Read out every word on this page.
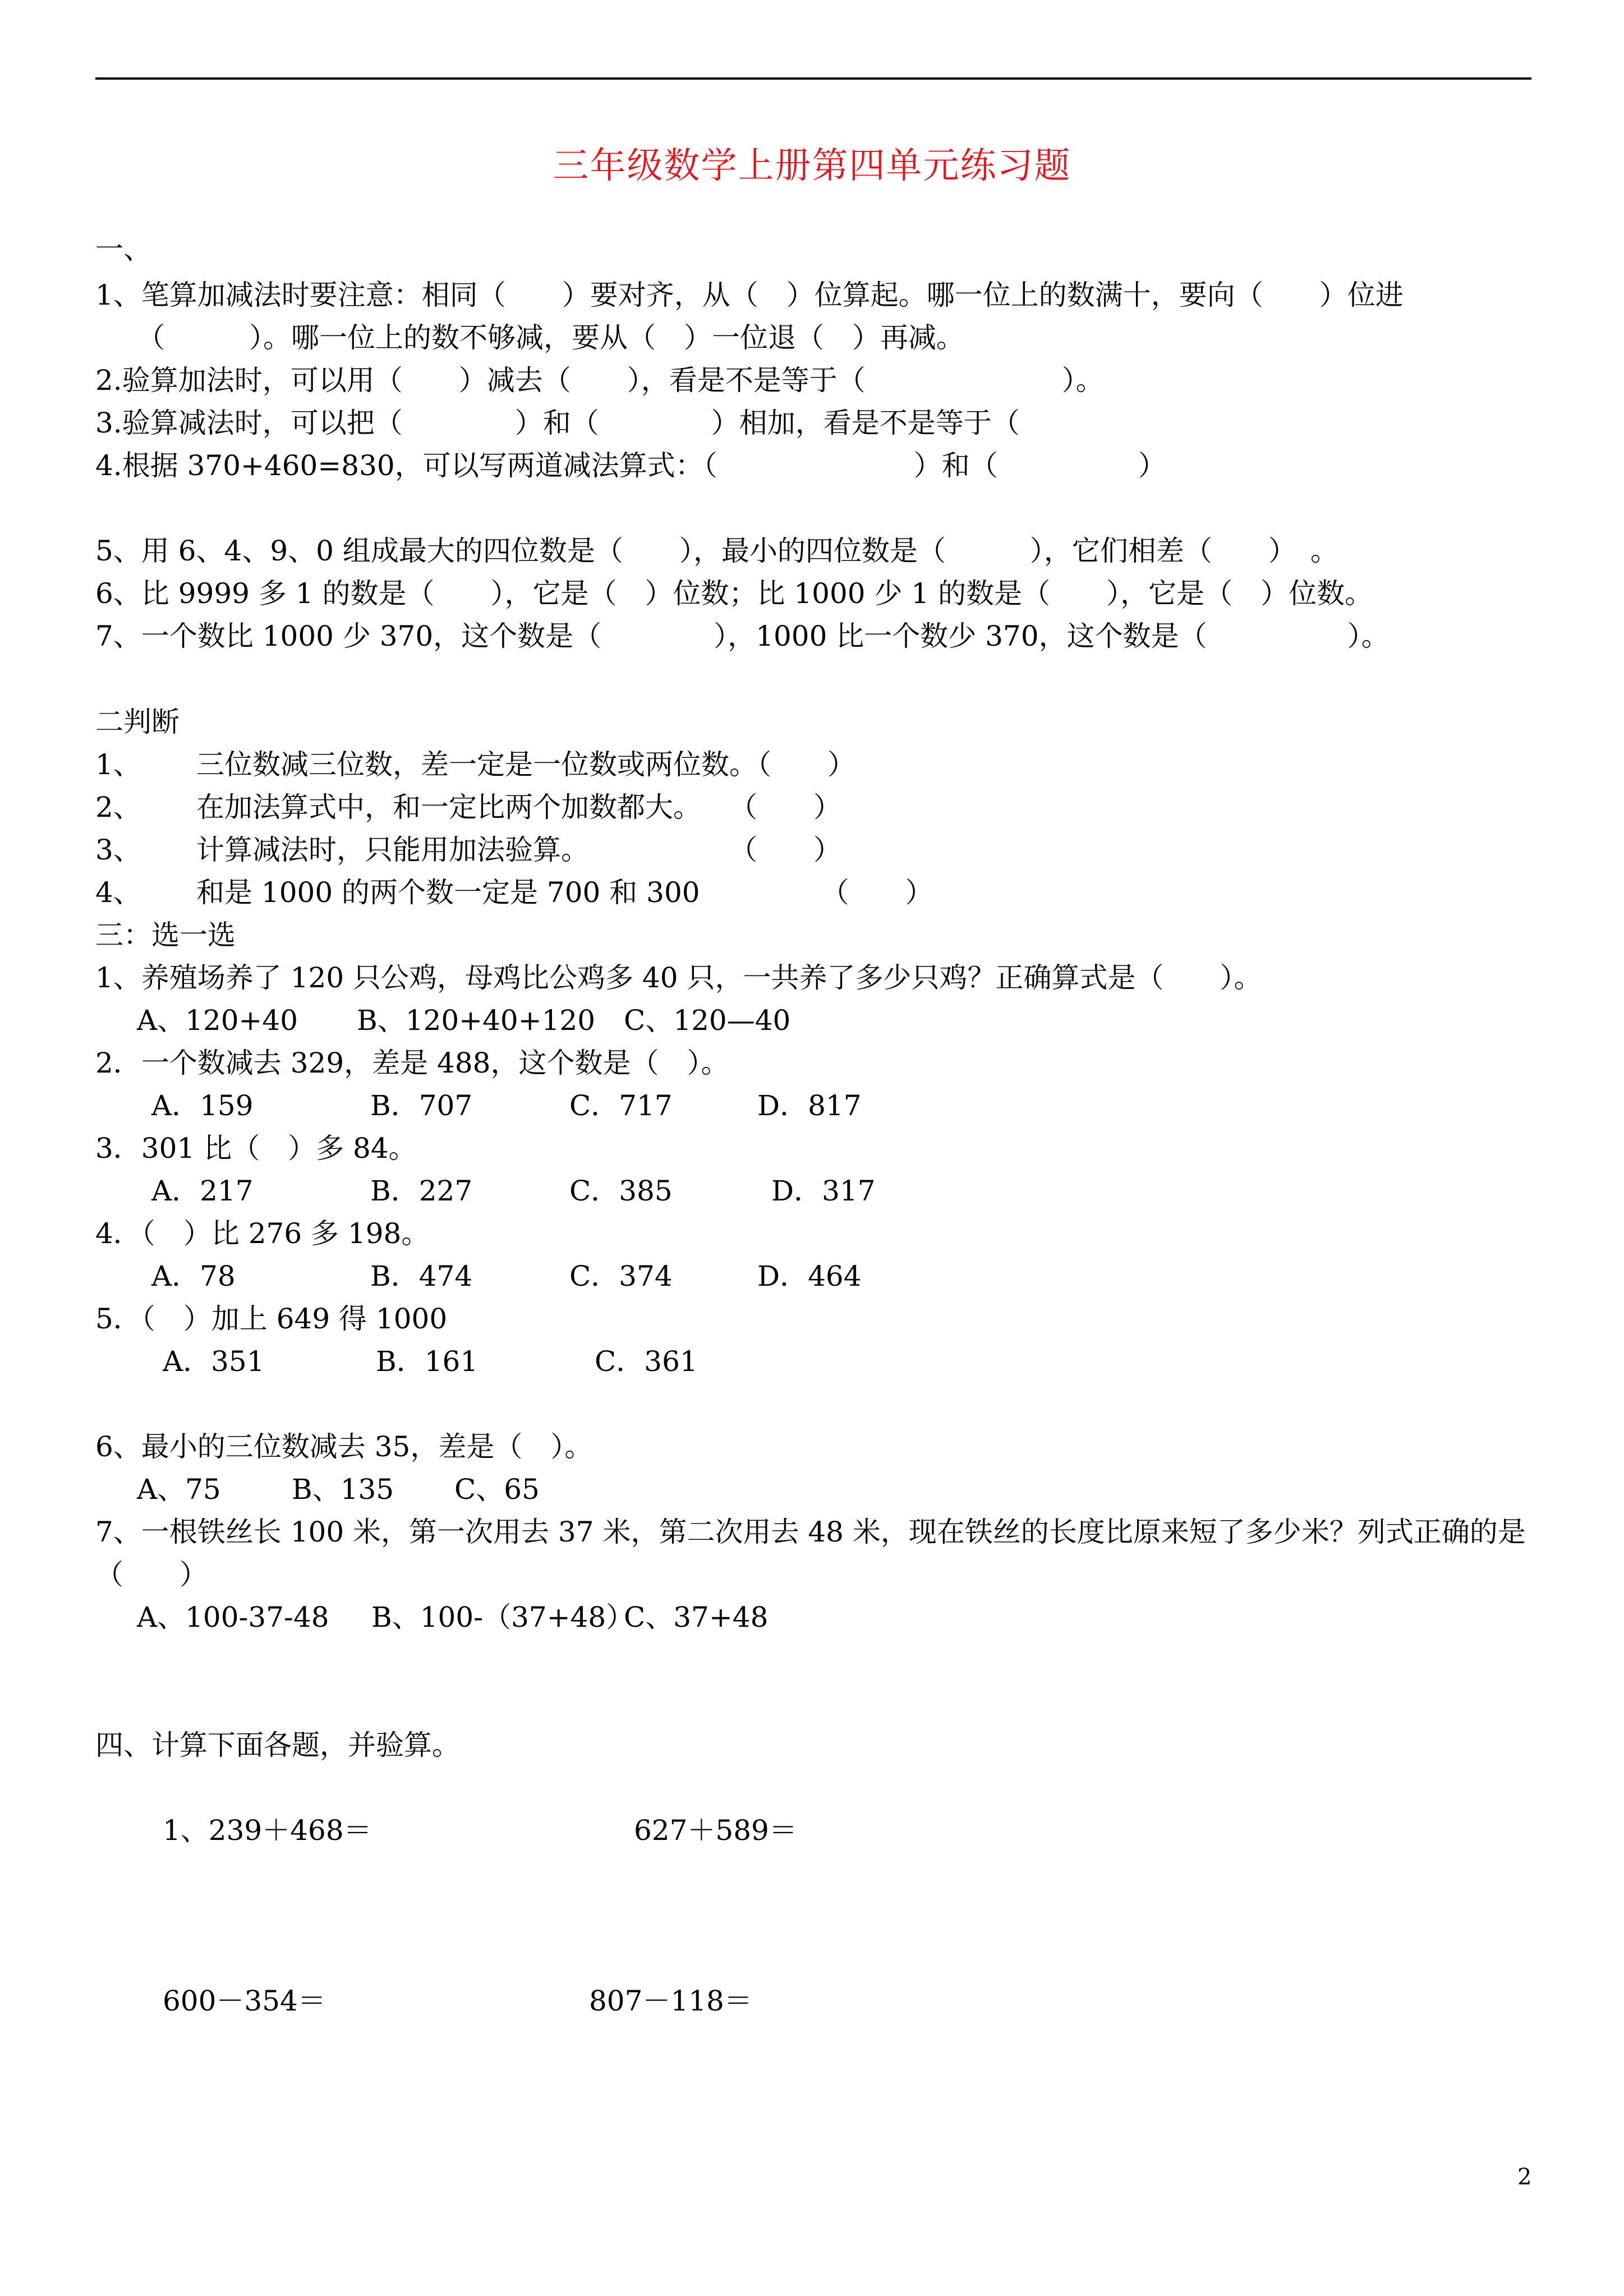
三年级数学上册第四单元练习题
一、
1、笔算加减法时要注意：相同（　　）要对齐，从（　）位算起。哪一位上的数满十，要向（　　）位进
（　　　）。哪一位上的数不够减，要从（　）一位退（　）再减。
2.验算加法时，可以用（　　）减去（　　），看是不是等于（　　　　　　　）。
3.验算减法时，可以把（　　　　）和（　　　　）相加，看是不是等于（
4.根据 370+460=830，可以写两道减法算式：（　　　　　　　）和（　　　　　）
5、用 6、4、9、0 组成最大的四位数是（　　），最小的四位数是（　　　），它们相差（　　）　。
6、比 9999 多 1 的数是（　　），它是（　）位数；比 1000 少 1 的数是（　　），它是（　）位数。
7、一个数比 1000 少 370，这个数是（　　　　），1000 比一个数少 370，这个数是（　　　　　）。
二判断
1、 三位数减三位数，差一定是一位数或两位数。（　　）
2、 在加法算式中，和一定比两个加数都大。　　（　　）
3、 计算减法时，只能用加法验算。　　　　　　（　　）
4、 和是 1000 的两个数一定是 700 和 300　　　　 （　　）
三：选一选
1、养殖场养了 120 只公鸡，母鸡比公鸡多 40 只，一共养了多少只鸡？正确算式是（　　）。
A、120+40 B、120+40+120 C、120—40
2．一个数减去 329，差是 488，这个数是（　）。
A．159	B．707	C．717	D．817
3．301 比（　）多 84。
A．217	B．227	C．385	D．317
4．（　）比 276 多 198。
A．78	B．474	C．374	D．464
5．（　）加上 649 得 1000
A．351	B．161	C．361
6、最小的三位数减去 35，差是（　）。
A、75	B、135 C、65
7、一根铁丝长 100 米，第一次用去 37 米，第二次用去 48 米，现在铁丝的长度比原来短了多少米？列式正确的是
（　　）
A、100-37-48 B、100-（37+48）
C、37+48
四、计算下面各题，并验算。
1、239＋468＝	627＋589＝
600－354＝	807－118＝
2
